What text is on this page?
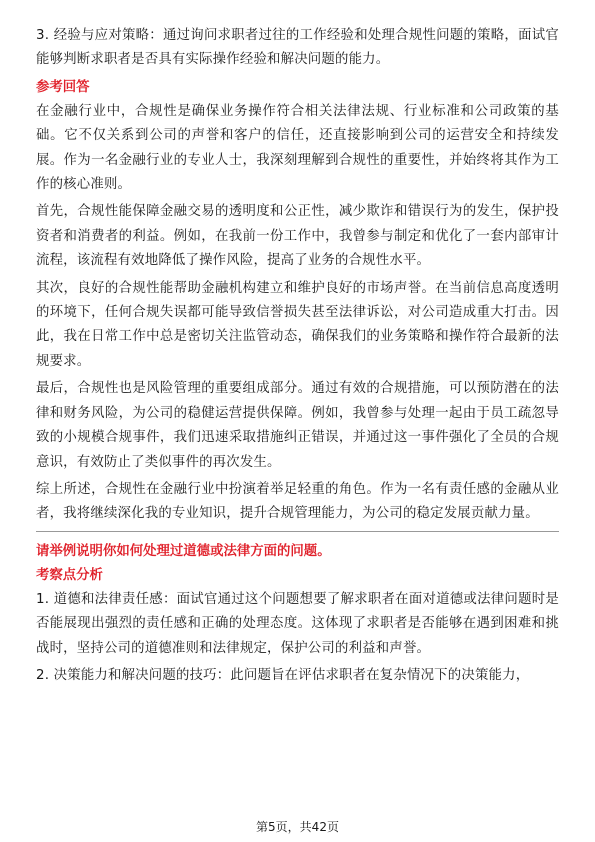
3. 经验与应对策略：通过询问求职者过往的工作经验和处理合规性问题的策略，面试官能够判断求职者是否具有实际操作经验和解决问题的能力。

参考回答

在金融行业中，合规性是确保业务操作符合相关法律法规、行业标准和公司政策的基础。它不仅关系到公司的声誉和客户的信任，还直接影响到公司的运营安全和持续发展。作为一名金融行业的专业人士，我深刻理解到合规性的重要性，并始终将其作为工作的核心准则。

首先，合规性能保障金融交易的透明度和公正性，减少欺诈和错误行为的发生，保护投资者和消费者的利益。例如，在我前一份工作中，我曾参与制定和优化了一套内部审计流程，该流程有效地降低了操作风险，提高了业务的合规性水平。

其次，良好的合规性能帮助金融机构建立和维护良好的市场声誉。在当前信息高度透明的环境下，任何合规失误都可能导致信誉损失甚至法律诉讼，对公司造成重大打击。因此，我在日常工作中总是密切关注监管动态，确保我们的业务策略和操作符合最新的法规要求。

最后，合规性也是风险管理的重要组成部分。通过有效的合规措施，可以预防潜在的法律和财务风险，为公司的稳健运营提供保障。例如，我曾参与处理一起由于员工疏忽导致的小规模合规事件，我们迅速采取措施纠正错误，并通过这一事件强化了全员的合规意识，有效防止了类似事件的再次发生。

综上所述，合规性在金融行业中扮演着举足轻重的角色。作为一名有责任感的金融从业者，我将继续深化我的专业知识，提升合规管理能力，为公司的稳定发展贡献力量。

请举例说明你如何处理过道德或法律方面的问题。

考察点分析

1. 道德和法律责任感：面试官通过这个问题想要了解求职者在面对道德或法律问题时是否能展现出强烈的责任感和正确的处理态度。这体现了求职者是否能够在遇到困难和挑战时，坚持公司的道德准则和法律规定，保护公司的利益和声誉。

2. 决策能力和解决问题的技巧：此问题旨在评估求职者在复杂情况下的决策能力，

第5页，共42页
